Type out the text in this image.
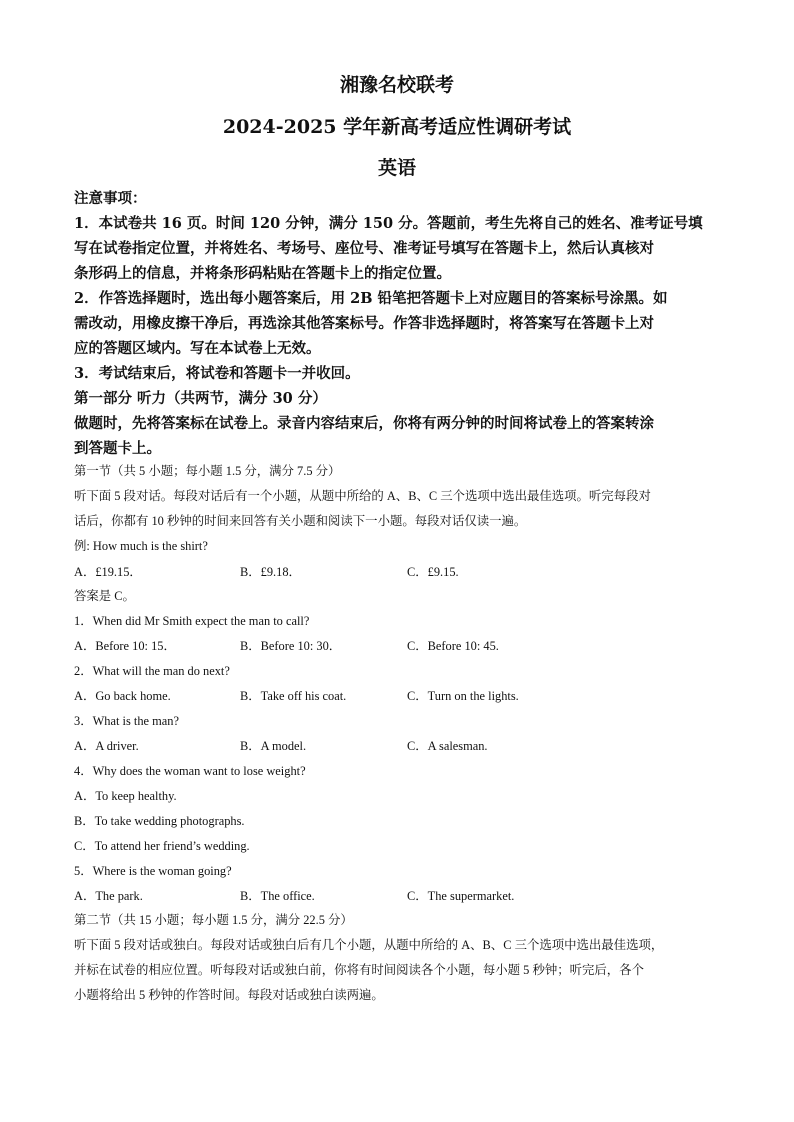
湘豫名校联考
2024-2025 学年新高考适应性调研考试
英语
注意事项：
1．本试卷共 16 页。时间 120 分钟，满分 150 分。答题前，考生先将自己的姓名、准考证号填
写在试卷指定位置，并将姓名、考场号、座位号、准考证号填写在答题卡上，然后认真核对
条形码上的信息，并将条形码粘贴在答题卡上的指定位置。
2．作答选择题时，选出每小题答案后，用 2B 铅笔把答题卡上对应题目的答案标号涂黑。如
需改动，用橡皮擦干净后，再选涂其他答案标号。作答非选择题时，将答案写在答题卡上对
应的答题区域内。写在本试卷上无效。
3．考试结束后，将试卷和答题卡一并收回。
第一部分 听力（共两节，满分 30 分）
做题时，先将答案标在试卷上。录音内容结束后，你将有两分钟的时间将试卷上的答案转涂
到答题卡上。
第一节（共 5 小题；每小题 1.5 分，满分 7.5 分）
听下面 5 段对话。每段对话后有一个小题，从题中所给的 A、B、C 三个选项中选出最佳选项。听完每段对
话后，你都有 10 秒钟的时间来回答有关小题和阅读下一小题。每段对话仅读一遍。
例: How much is the shirt?
A．£19.15．	B．£9.18．	C．£9.15.
答案是 C。
1．When did Mr Smith expect the man to call?
A．Before 10: 15．	B．Before 10: 30．	C．Before 10: 45.
2．What will the man do next?
A．Go back home.	B．Take off his coat.	C．Turn on the lights.
3．What is the man?
A．A driver.	B．A model.	C．A salesman.
4．Why does the woman want to lose weight?
A．To keep healthy.
B．To take wedding photographs.
C．To attend her friend’s wedding.
5．Where is the woman going?
A．The park.	B．The office.	C．The supermarket.
第二节（共 15 小题；每小题 1.5 分，满分 22.5 分）
听下面 5 段对话或独白。每段对话或独白后有几个小题，从题中所给的 A、B、C 三个选项中选出最佳选项，
并标在试卷的相应位置。听每段对话或独白前，你将有时间阅读各个小题，每小题 5 秒钟；听完后，各个
小题将给出 5 秒钟的作答时间。每段对话或独白读两遍。
